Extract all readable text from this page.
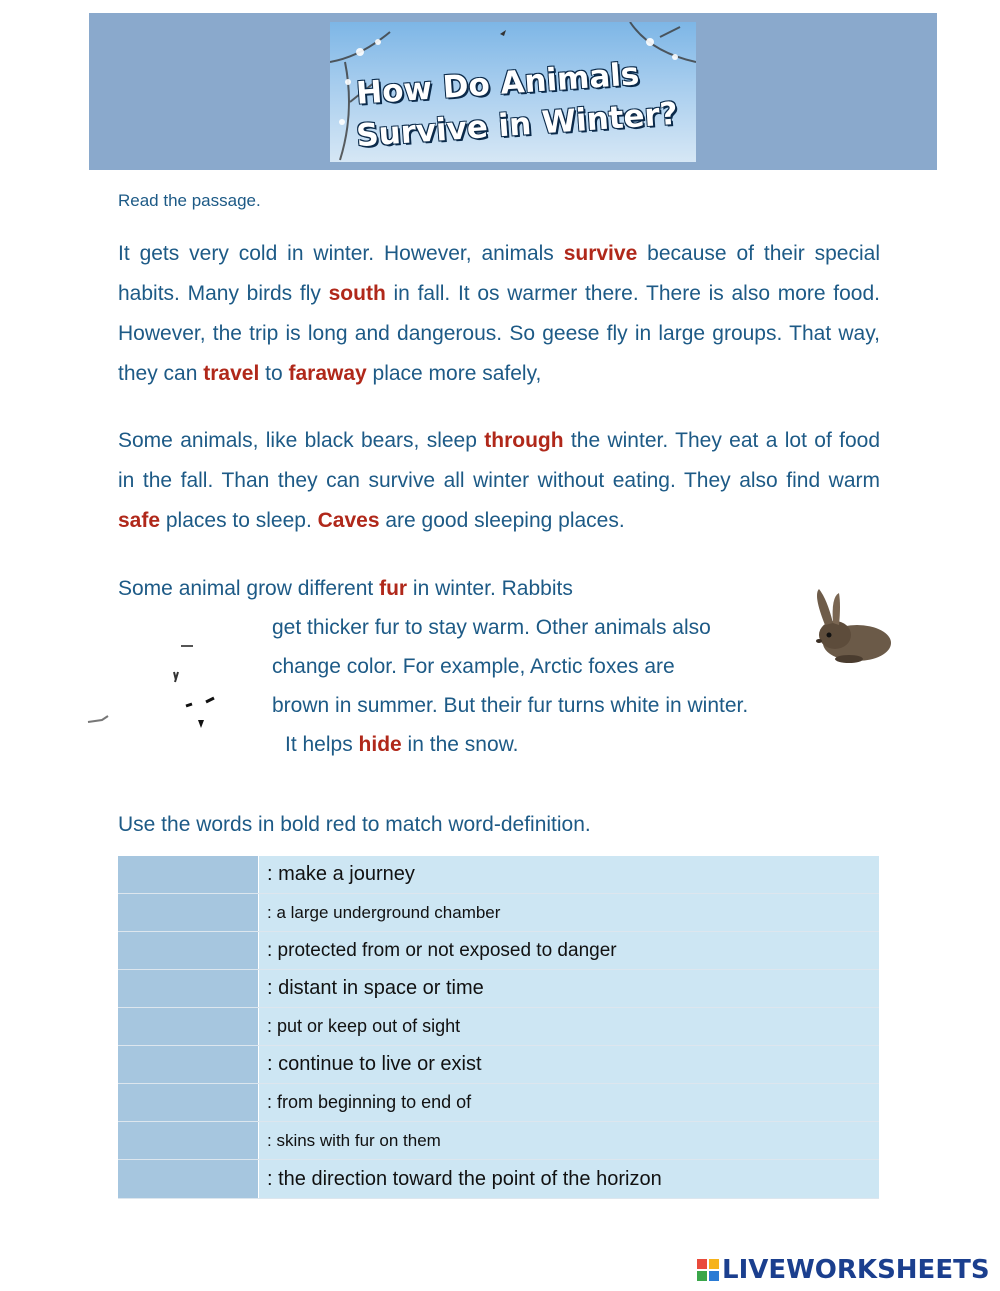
How Do Animals
Survive in Winter?
Read the passage.
It gets very cold in winter. However, animals survive because of their special habits. Many birds fly south in fall. It os warmer there. There is also more food. However, the trip is long and dangerous. So geese fly in large groups. That way, they can travel to faraway place more safely,
Some animals, like black bears, sleep through the winter. They eat a lot of food in the fall. Than they can survive all winter without eating. They also find warm safe places to sleep. Caves are good sleeping places.
Some animal grow different fur in winter. Rabbits
get thicker fur to stay warm. Other animals also
change color. For example, Arctic foxes are
brown in summer. But their fur turns white in winter.
It helps hide in the snow.
Use the words in bold red to match word-definition.
: make a journey
: a large underground chamber
: protected from or not exposed to danger
: distant in space or time
: put or keep out of sight
: continue to live or exist
: from beginning to end of
: skins with fur on them
: the direction toward the point of the horizon
LIVEWORKSHEETS
